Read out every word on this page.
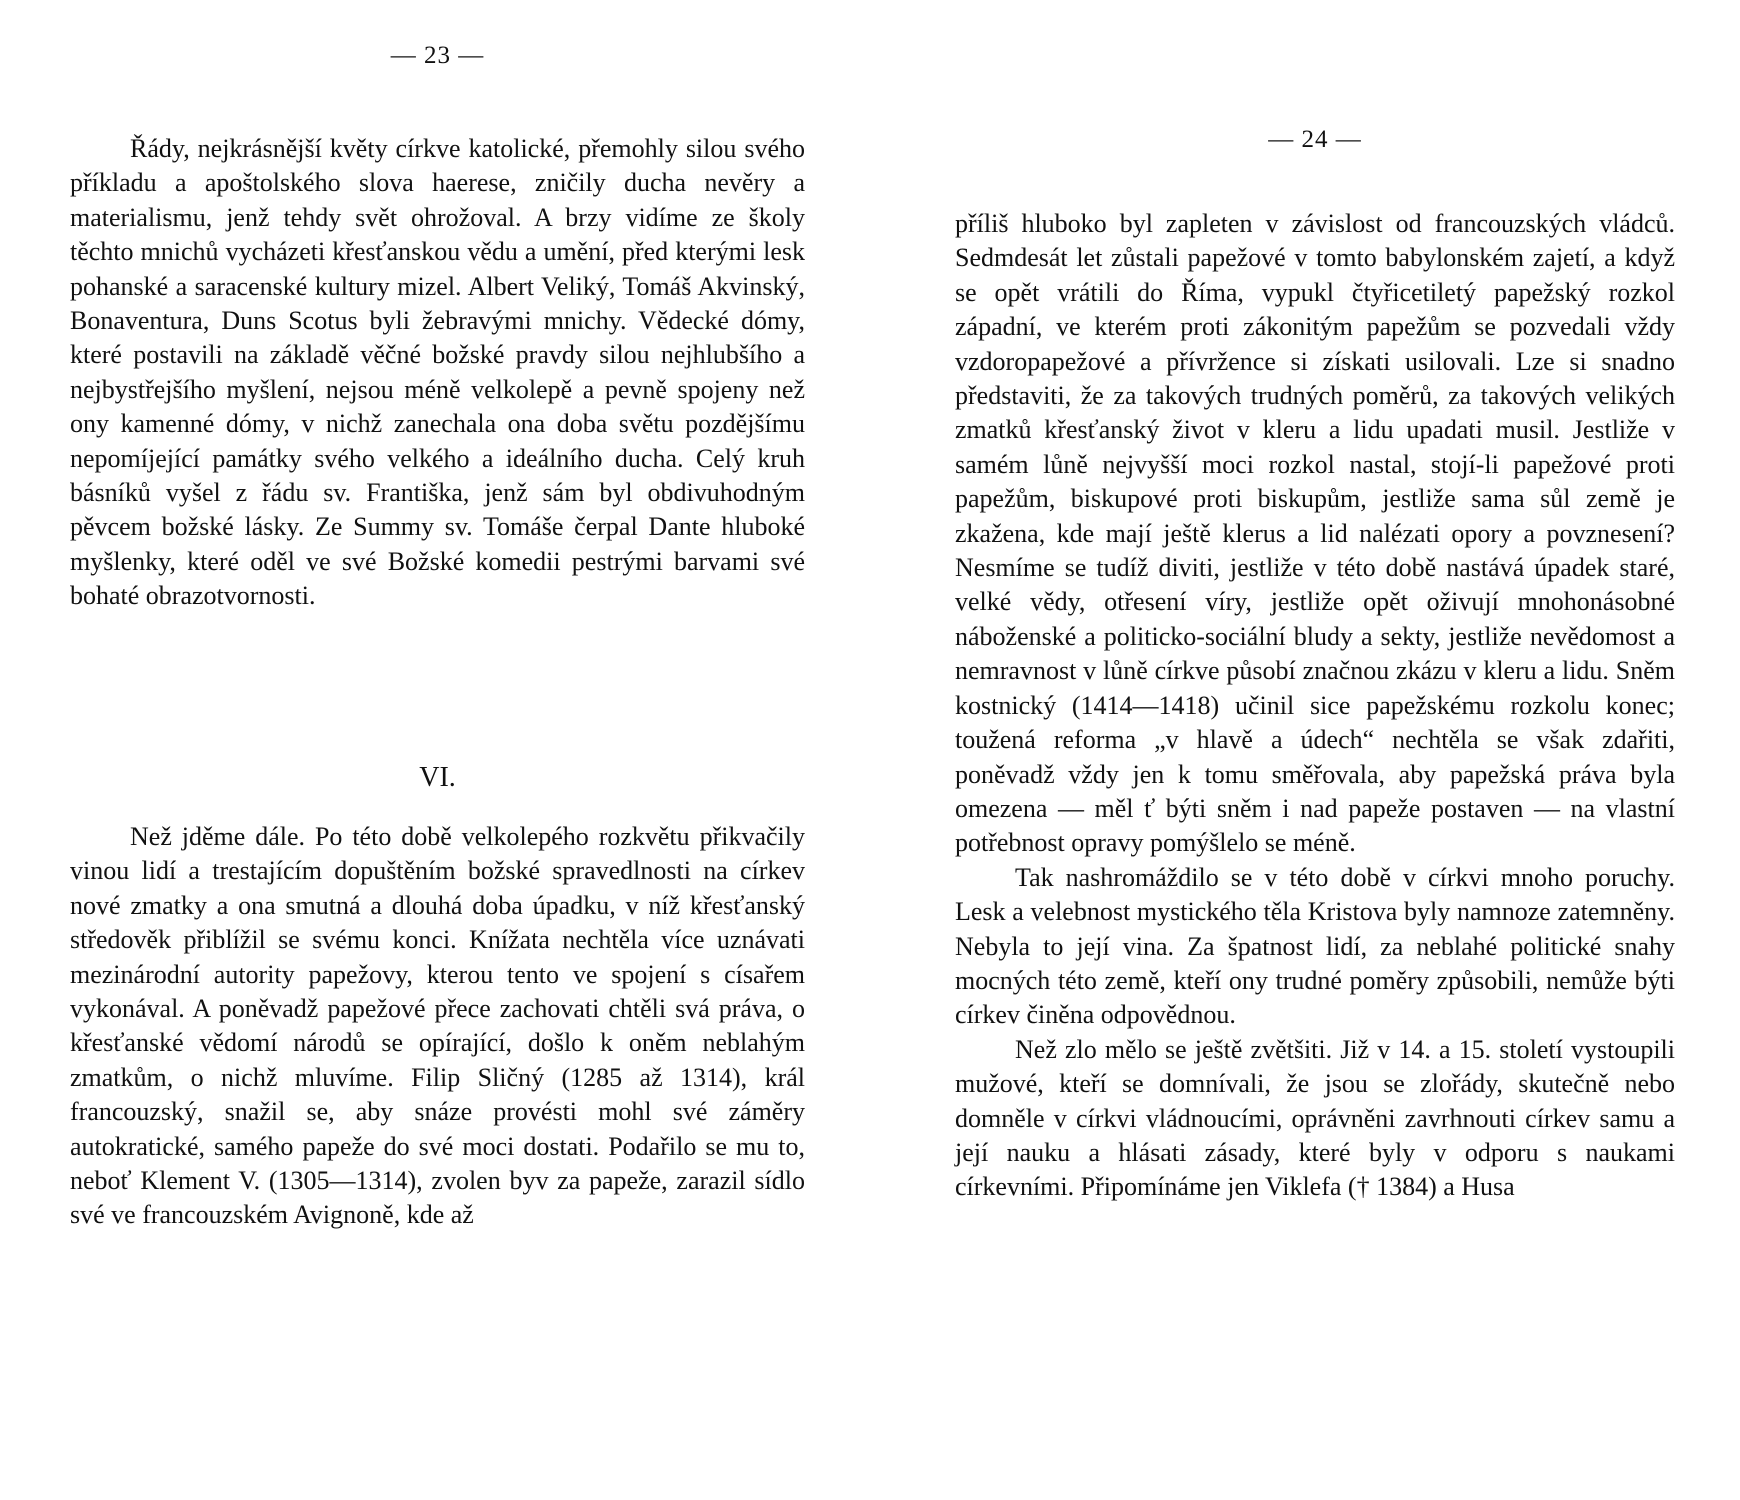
— 23 —

Řády, nejkrásnější květy církve katolické, přemohly silou svého příkladu a apoštolského slova haerese, zničily ducha nevěry a materialismu, jenž tehdy svět ohrožoval. A brzy vidíme ze školy těchto mnichů vycházeti křesťanskou vědu a umění, před kterými lesk pohanské a saracenské kultury mizel. Albert Veliký, Tomáš Akvinský, Bonaventura, Duns Scotus byli žebravými mnichy. Vědecké dómy, které postavili na základě věčné božské pravdy silou nejhlubšího a nejbystřejšího myšlení, nejsou méně velkolepě a pevně spojeny než ony kamenné dómy, v nichž zanechala ona doba světu pozdějšímu nepomíjející památky svého velkého a ideálního ducha. Celý kruh básníků vyšel z řádu sv. Františka, jenž sám byl obdivuhodným pěvcem božské lásky. Ze Summy sv. Tomáše čerpal Dante hluboké myšlenky, které oděl ve své Božské komedii pestrými barvami své bohaté obrazotvornosti.

VI.

Než jděme dále. Po této době velkolepého rozkvětu přikvačily vinou lidí a trestajícím dopuštěním božské spravedlnosti na církev nové zmatky a ona smutná a dlouhá doba úpadku, v níž křesťanský středověk přiblížil se svému konci. Knížata nechtěla více uznávati mezinárodní autority papežovy, kterou tento ve spojení s císařem vykonával. A poněvadž papežové přece zachovati chtěli svá práva, o křesťanské vědomí národů se opírající, došlo k oněm neblahým zmatkům, o nichž mluvíme. Filip Sličný (1285 až 1314), král francouzský, snažil se, aby snáze provésti mohl své záměry autokratické, samého papeže do své moci dostati. Podařilo se mu to, neboť Klement V. (1305—1314), zvolen byv za papeže, zarazil sídlo své ve francouzském Avignoně, kde až

— 24 —

příliš hluboko byl zapleten v závislost od francouzských vládců. Sedmdesát let zůstali papežové v tomto babylonském zajetí, a když se opět vrátili do Říma, vypukl čtyřicetiletý papežský rozkol západní, ve kterém proti zákonitým papežům se pozvedali vždy vzdoropapežové a přívržence si získati usilovali. Lze si snadno představiti, že za takových trudných poměrů, za takových velikých zmatků křesťanský život v kleru a lidu upadati musil. Jestliže v samém lůně nejvyšší moci rozkol nastal, stojí-li papežové proti papežům, biskupové proti biskupům, jestliže sama sůl země je zkažena, kde mají ještě klerus a lid nalézati opory a povznesení? Nesmíme se tudíž diviti, jestliže v této době nastává úpadek staré, velké vědy, otřesení víry, jestliže opět oživují mnohonásobné náboženské a politicko-sociální bludy a sekty, jestliže nevědomost a nemravnost v lůně církve působí značnou zkázu v kleru a lidu. Sněm kostnický (1414—1418) učinil sice papežskému rozkolu konec; toužená reforma „v hlavě a údech“ nechtěla se však zdařiti, poněvadž vždy jen k tomu směřovala, aby papežská práva byla omezena — měl ť býti sněm i nad papeže postaven — na vlastní potřebnost opravy pomýšlelo se méně.

Tak nashromáždilo se v této době v církvi mnoho poruchy. Lesk a velebnost mystického těla Kristova byly namnoze zatemněny. Nebyla to její vina. Za špatnost lidí, za neblahé politické snahy mocných této země, kteří ony trudné poměry způsobili, nemůže býti církev činěna odpovědnou.

Než zlo mělo se ještě zvětšiti. Již v 14. a 15. století vystoupili mužové, kteří se domnívali, že jsou se zlořády, skutečně nebo domněle v církvi vládnoucími, oprávněni zavrhnouti církev samu a její nauku a hlásati zásady, které byly v odporu s naukami církevními. Připomínáme jen Viklefa († 1384) a Husa
